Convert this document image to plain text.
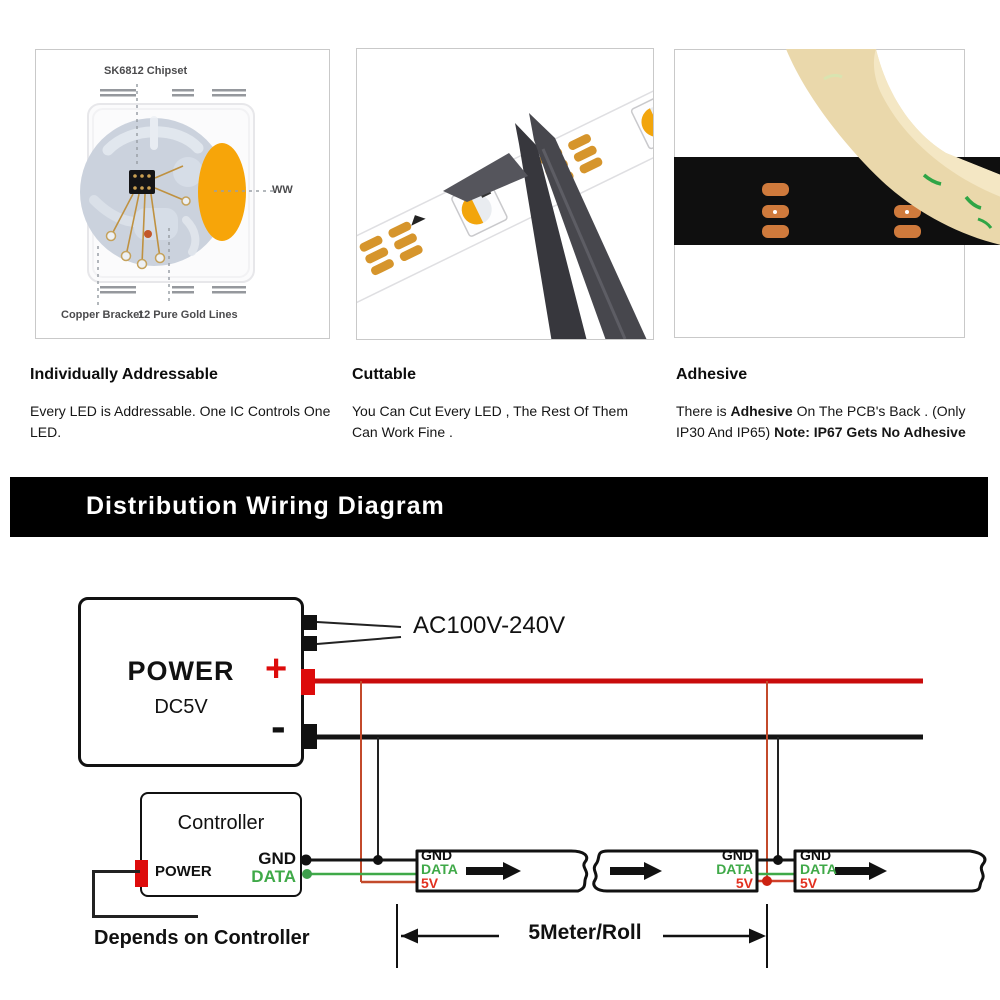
SK6812 Chipset
WW
Copper Bracket
12 Pure Gold Lines
Individually Addressable
Every LED is Addressable. One IC Controls One LED.
Cuttable
You Can Cut Every LED , The Rest Of Them Can Work Fine .
Adhesive
There is Adhesive On The PCB's Back . (Only IP30 And IP65) Note: IP67 Gets No Adhesive
Distribution Wiring Diagram
POWER
DC5V
+
-
AC100V-240V
Controller
POWER
GND
DATA
Depends on Controller
GND
DATA
5V
GND
DATA
5V
GND
DATA
5V
5Meter/Roll
